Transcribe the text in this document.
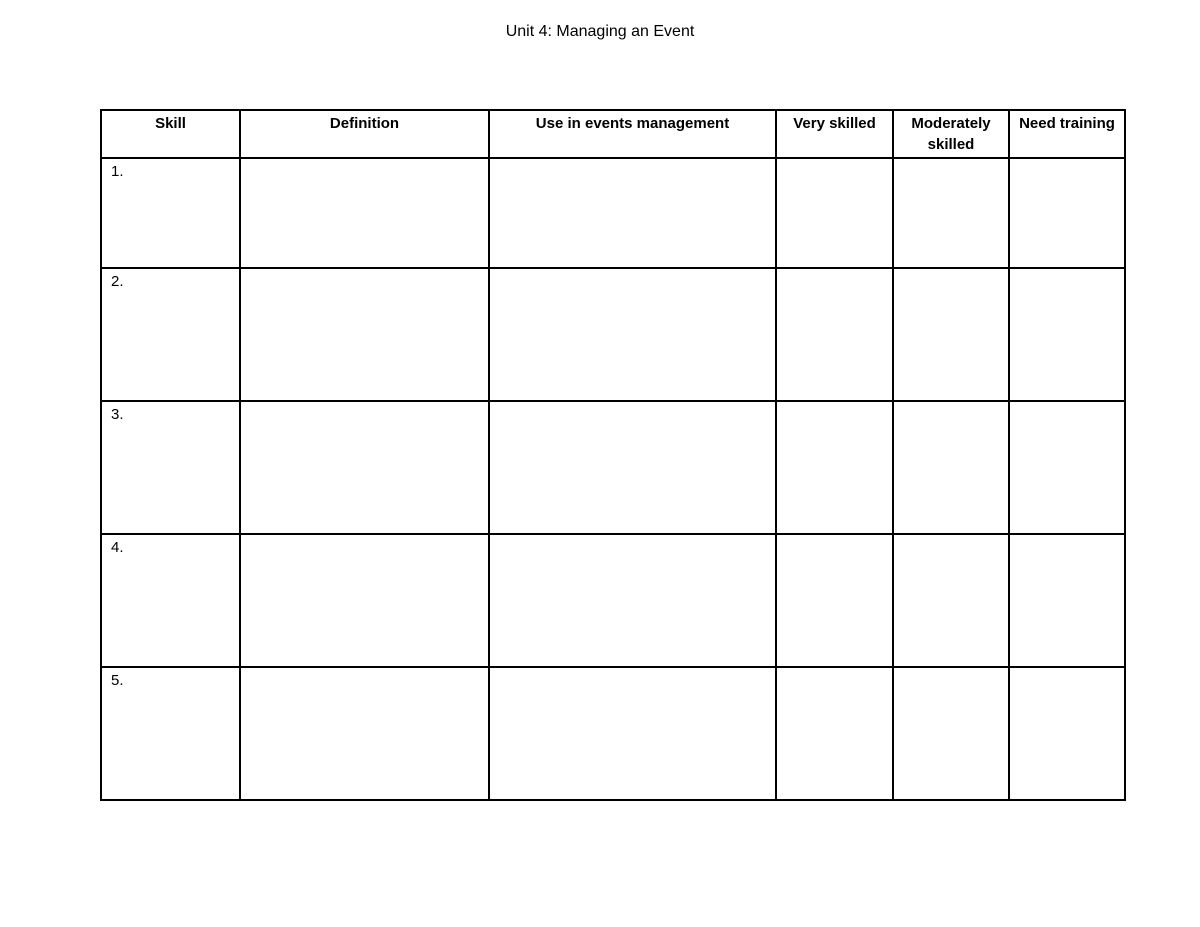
Unit 4: Managing an Event
Skill	Definition	Use in events management	Very skilled	Moderately skilled	Need training
1.					
2.					
3.					
4.					
5.					
